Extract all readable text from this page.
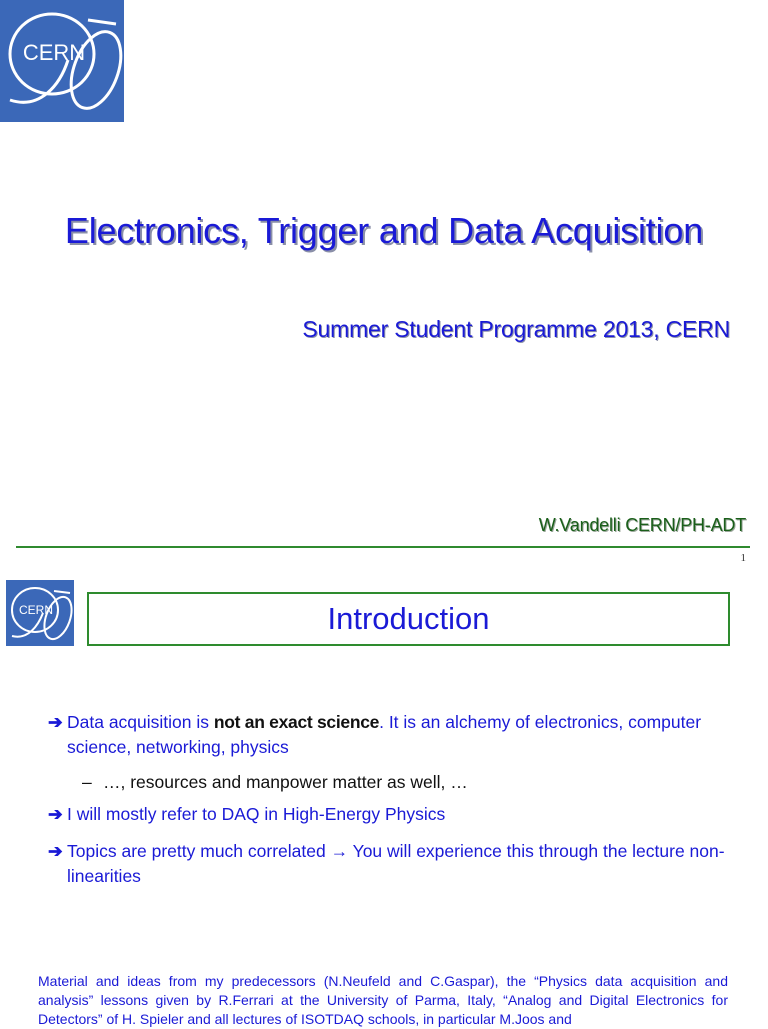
CERN
Electronics, Trigger and Data Acquisition
Summer Student Programme 2013, CERN
W.Vandelli CERN/PH-ADT
1
CERN	Introduction
➔ Data acquisition is not an exact science. It is an alchemy of electronics, computer science, networking, physics
– …, resources and manpower matter as well, …
➔ I will mostly refer to DAQ in High-Energy Physics
➔ Topics are pretty much correlated → You will experience this through the lecture non-linearities
Material and ideas from my predecessors (N.Neufeld and C.Gaspar), the “Physics data acquisition and analysis” lessons given by R.Ferrari at the University of Parma, Italy, “Analog and Digital Electronics for Detectors” of H. Spieler and all lectures of ISOTDAQ schools, in particular M.Joos and
